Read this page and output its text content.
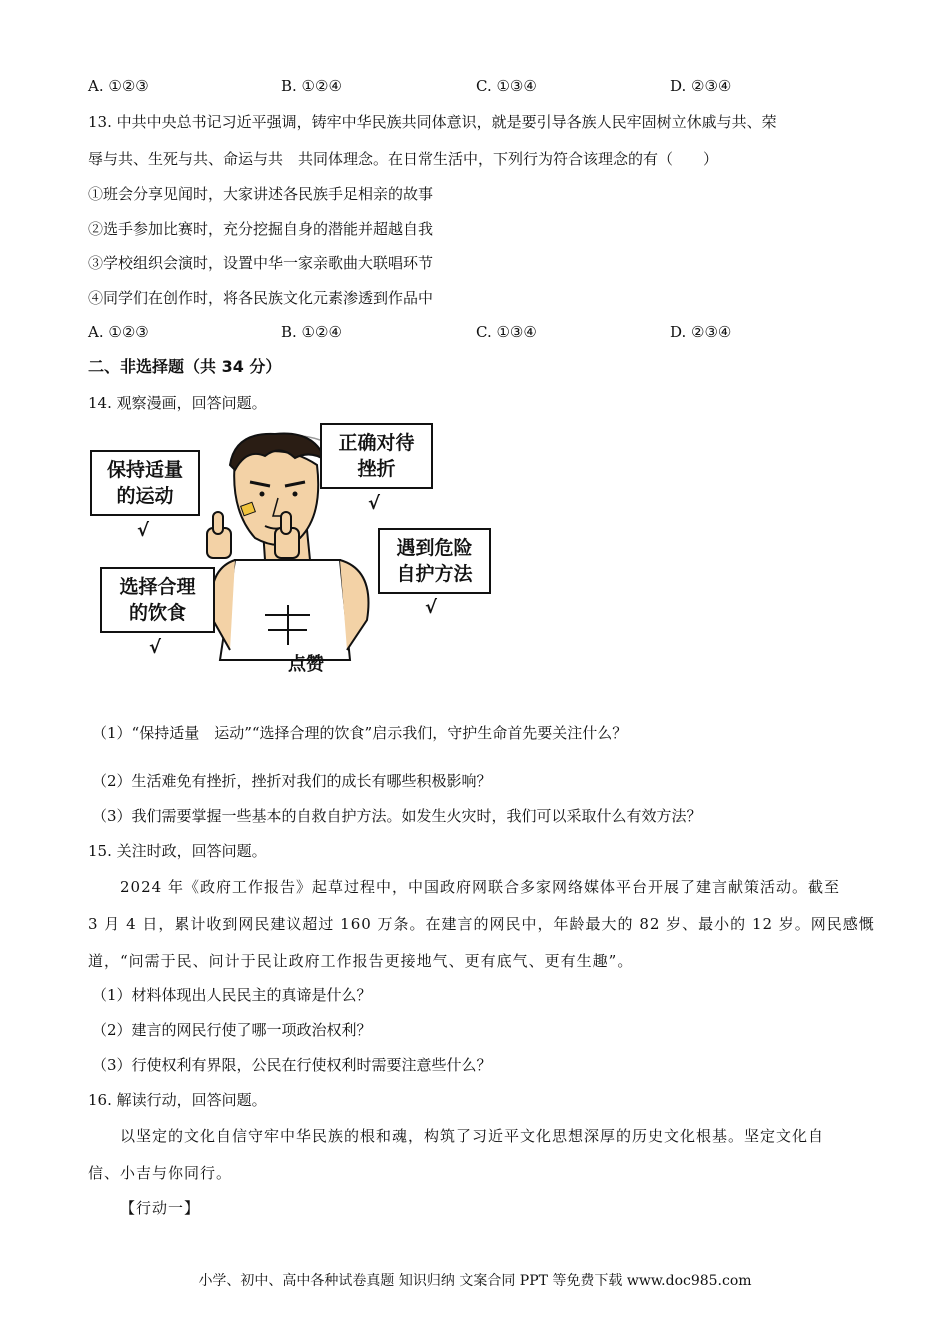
A. ①②③	B. ①②④	C. ①③④	D. ②③④
13. 中共中央总书记习近平强调，铸牢中华民族共同体意识，就是要引导各族人民牢固树立休戚与共、荣
辱与共、生死与共、命运与共　共同体理念。在日常生活中，下列行为符合该理念的有（　　）
①班会分享见闻时，大家讲述各民族手足相亲的故事
②选手参加比赛时，充分挖掘自身的潜能并超越自我
③学校组织会演时，设置中华一家亲歌曲大联唱环节
④同学们在创作时，将各民族文化元素渗透到作品中
A. ①②③	B. ①②④	C. ①③④	D. ②③④
二、非选择题（共 34 分）
14. 观察漫画，回答问题。
保持适量
的运动
√
正确对待
挫折
√
遇到危险
自护方法
√
选择合理
的饮食
√
点赞
（1）“保持适量　运动”“选择合理的饮食”启示我们，守护生命首先要关注什么？
（2）生活难免有挫折，挫折对我们的成长有哪些积极影响？
（3）我们需要掌握一些基本的自救自护方法。如发生火灾时，我们可以采取什么有效方法？
15. 关注时政，回答问题。
2024 年《政府工作报告》起草过程中，中国政府网联合多家网络媒体平台开展了建言献策活动。截至
3 月 4 日，累计收到网民建议超过 160 万条。在建言的网民中，年龄最大的 82 岁、最小的 12 岁。网民感慨
道，“问需于民、问计于民让政府工作报告更接地气、更有底气、更有生趣”。
（1）材料体现出人民民主的真谛是什么？
（2）建言的网民行使了哪一项政治权利？
（3）行使权利有界限，公民在行使权利时需要注意些什么？
16. 解读行动，回答问题。
以坚定的文化自信守牢中华民族的根和魂，构筑了习近平文化思想深厚的历史文化根基。坚定文化自
信、小吉与你同行。
【行动一】
小学、初中、高中各种试卷真题 知识归纳 文案合同 PPT 等免费下载 www.doc985.com
